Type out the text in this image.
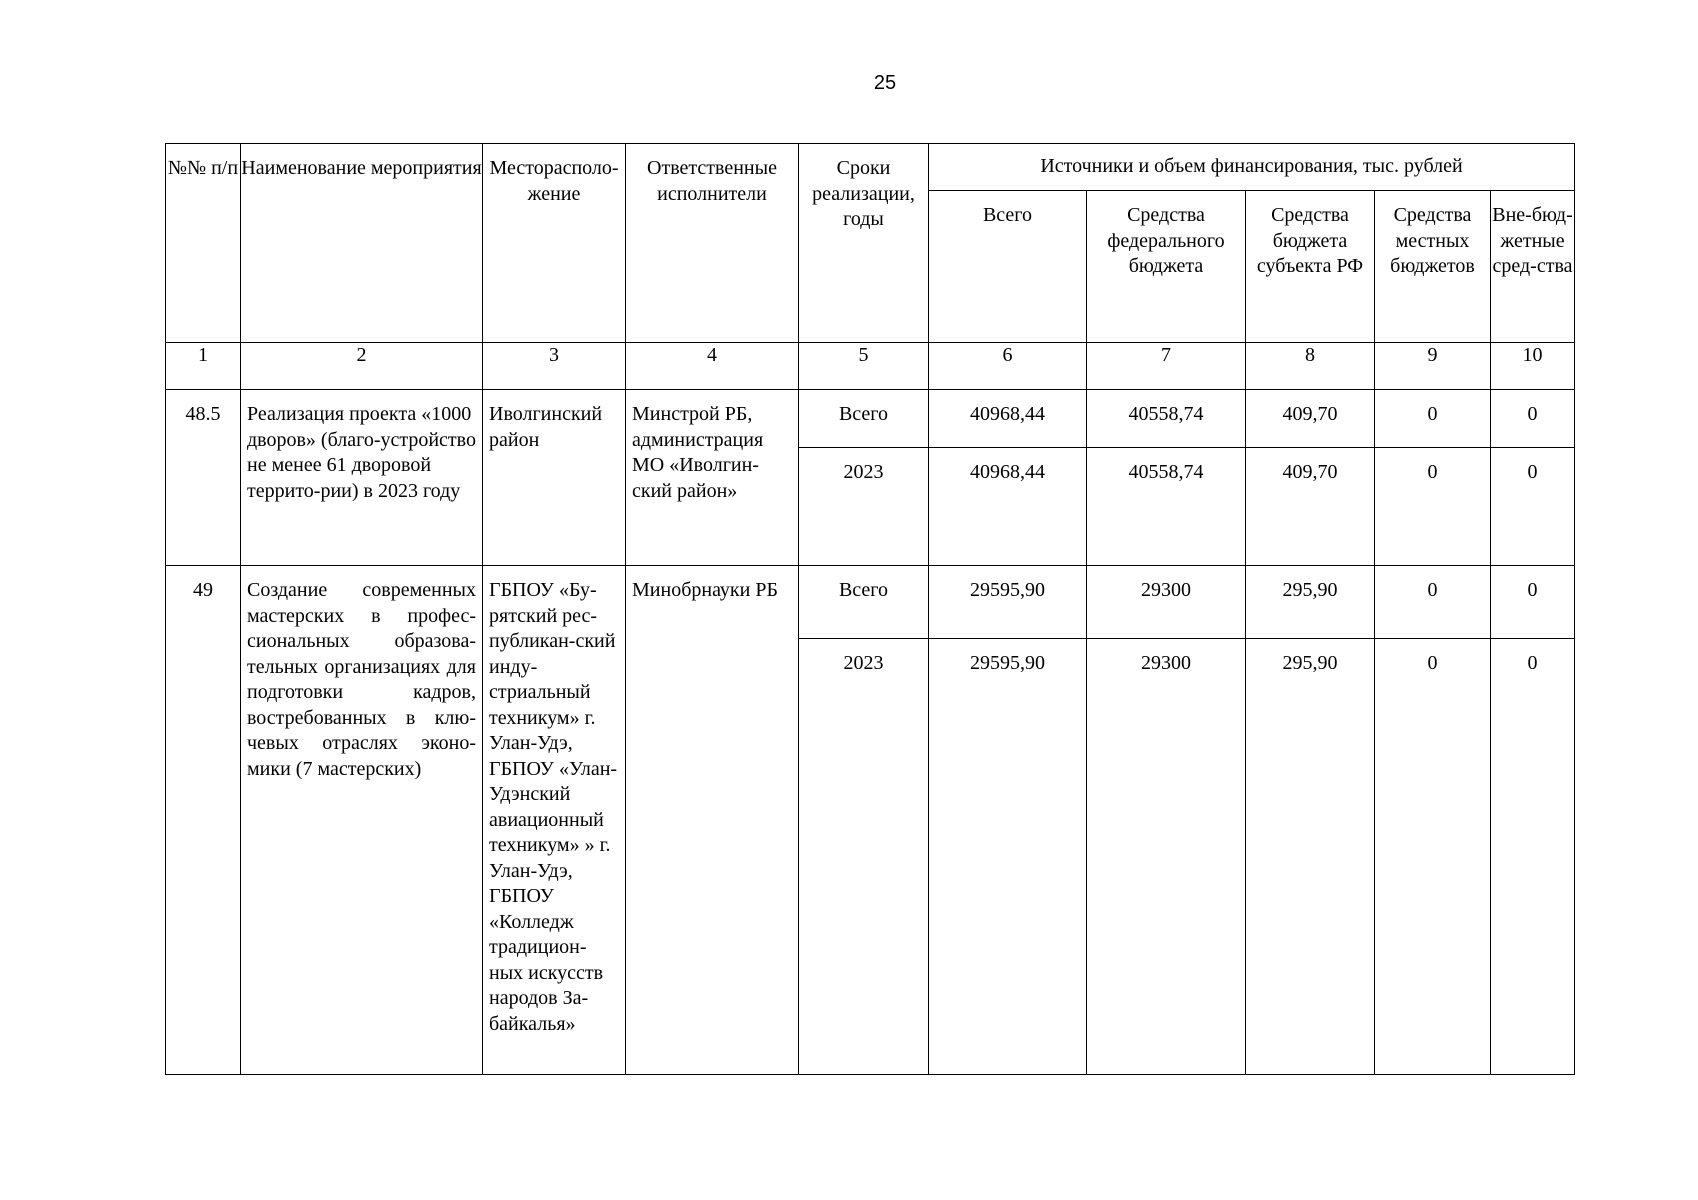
25
№№ п/п	Наименование мероприятия	Месторасполо-жение	Ответственные исполнители	Сроки реализации, годы	Источники и объем финансирования, тыс. рублей				
					Всего	Средства федерального бюджета	Средства бюджета субъекта РФ	Средства местных бюджетов	Вне-бюд-жетные сред-ства
1	2	3	4	5	6	7	8	9	10
48.5	Реализация проекта «1000 дворов» (благо-устройство не менее 61 дворовой террито-рии) в 2023 году	Иволгинский район	Минстрой РБ, администрация МО «Иволгин-ский район»	Всего	40968,44	40558,74	409,70	0	0
				2023	40968,44	40558,74	409,70	0	0
49	Создание современных мастерских в профес-сиональных образова-тельных организациях для подготовки кадров, востребованных в клю-чевых отраслях эконо-мики (7 мастерских)	ГБПОУ «Бу-рятский рес-публикан-ский инду-стриальный техникум» г. Улан-Удэ, ГБПОУ «Улан-Удэнский авиационный техникум» » г. Улан-Удэ, ГБПОУ «Колледж традицион-ных искусств народов За-байкалья»	Минобрнауки РБ	Всего	29595,90	29300	295,90	0	0
				2023	29595,90	29300	295,90	0	0
